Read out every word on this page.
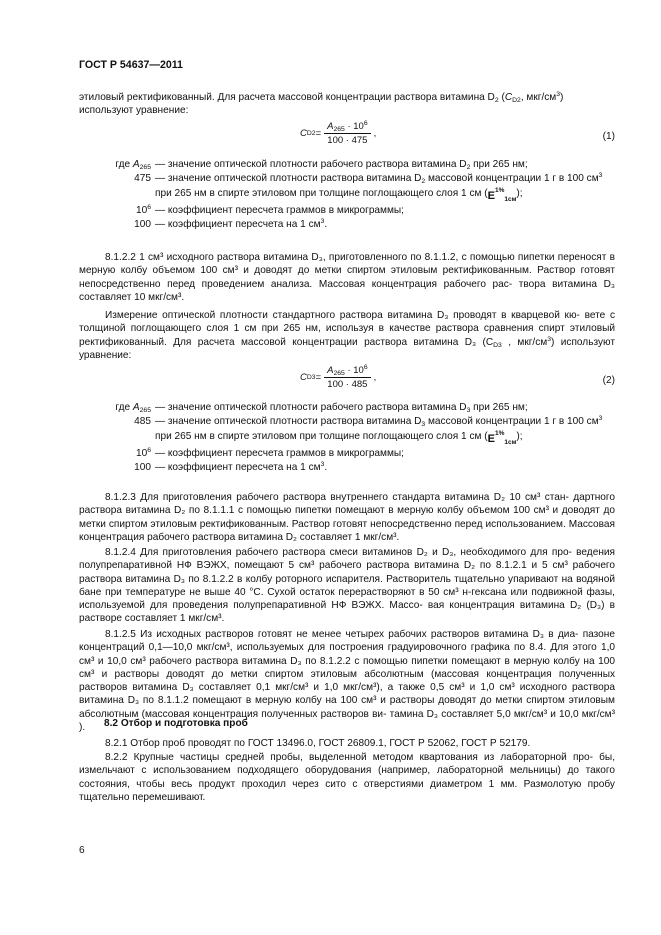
ГОСТ Р 54637—2011
этиловый ректификованный. Для расчета массовой концентрации раствора витамина $D_2$ ($C_{D2}$, мкг/$см^3$)
используют уравнение:
C $D2 = \frac{A_{265} \cdot 10^6}{100 \cdot 475}$ ,	(1)
где $A_{265}$ — значение оптической плотности рабочего раствора витамина $D_2$ при 265 нм;
475 — значение оптической плотности раствора витамина $D_2$ массовой концентрации 1 г в 100 $см^3$
при 265 нм в спирте этиловом при толщине поглощающего слоя 1 см $(E^{1\%}_{1см})$;
$10^6$ — коэффициент пересчета граммов в микрограммы;
100 — коэффициент пересчета на 1 $см^3$.
8.1.2.2 1 см³ исходного раствора витамина D₃, приготовленного по 8.1.1.2, с помощью пипетки переносят в мерную колбу объемом 100 см³ и доводят до метки спиртом этиловым ректификованным. Раствор готовят непосредственно перед проведением анализа. Массовая концентрация рабочего рас- твора витамина D₃ составляет 10 мкг/см³.
Измерение оптической плотности стандартного раствора витамина D₃ проводят в кварцевой кю- вете с толщиной поглощающего слоя 1 см при 265 нм, используя в качестве раствора сравнения спирт этиловый ректификованный. Для расчета массовой концентрации раствора витамина D₃ ($C_{D3}$ , мкг/$см^3$) используют уравнение:
C $D3 = \frac{A_{265} \cdot 10^6}{100 \cdot 485}$ ,	(2)
где $A_{265}$ — значение оптической плотности рабочего раствора витамина $D_3$ при 265 нм;
485 — значение оптической плотности раствора витамина $D_3$ массовой концентрации 1 г в 100 $см^3$
при 265 нм в спирте этиловом при толщине поглощающего слоя 1 см $(E^{1\%}_{1см})$;
$10^6$ — коэффициент пересчета граммов в микрограммы;
100 — коэффициент пересчета на 1 $см^3$.
8.1.2.3 Для приготовления рабочего раствора внутреннего стандарта витамина D₂ 10 см³ стан- дартного раствора витамина D₂ по 8.1.1.1 с помощью пипетки помещают в мерную колбу объемом 100 см³ и доводят до метки спиртом этиловым ректификованным. Раствор готовят непосредственно перед использованием. Массовая концентрация рабочего раствора витамина D₂ составляет 1 мкг/см³.
8.1.2.4 Для приготовления рабочего раствора смеси витаминов D₂ и D₃, необходимого для про- ведения полупрепаративной НФ ВЭЖХ, помещают 5 см³ рабочего раствора витамина D₂ по 8.1.2.1 и 5 см³ рабочего раствора витамина D₃ по 8.1.2.2 в колбу роторного испарителя. Растворитель тщательно упаривают на водяной бане при температуре не выше 40 °С. Сухой остаток перерастворяют в 50 см³ н-гексана или подвижной фазы, используемой для проведения полупрепаративной НФ ВЭЖХ. Массо- вая концентрация витамина D₂ (D₃) в растворе составляет 1 мкг/см³.
8.1.2.5 Из исходных растворов готовят не менее четырех рабочих растворов витамина D₃ в диа- пазоне концентраций 0,1—10,0 мкг/см³, используемых для построения градуировочного графика по 8.4. Для этого 1,0 см³ и 10,0 см³ рабочего раствора витамина D₃ по 8.1.2.2 с помощью пипетки помещают в мерную колбу на 100 см³ и растворы доводят до метки спиртом этиловым абсолютным (массовая концентрация полученных растворов витамина D₃ составляет 0,1 мкг/см³ и 1,0 мкг/см³), а также 0,5 см³ и 1,0 см³ исходного раствора витамина D₃ по 8.1.1.2 помещают в мерную колбу на 100 см³ и растворы доводят до метки спиртом этиловым абсолютным (массовая концентрация полученных растворов ви- тамина D₃ составляет 5,0 мкг/см³ и 10,0 мкг/см³ ).	8.2 Отбор и подготовка проб
8.2.1 Отбор проб проводят по ГОСТ 13496.0, ГОСТ 26809.1, ГОСТ Р 52062, ГОСТ Р 52179.
8.2.2 Крупные частицы средней пробы, выделенной методом квартования из лабораторной про- бы, измельчают с использованием подходящего оборудования (например, лабораторной мельницы) до такого состояния, чтобы весь продукт проходил через сито с отверстиями диаметром 1 мм. Размолотую пробу тщательно перемешивают.
6
